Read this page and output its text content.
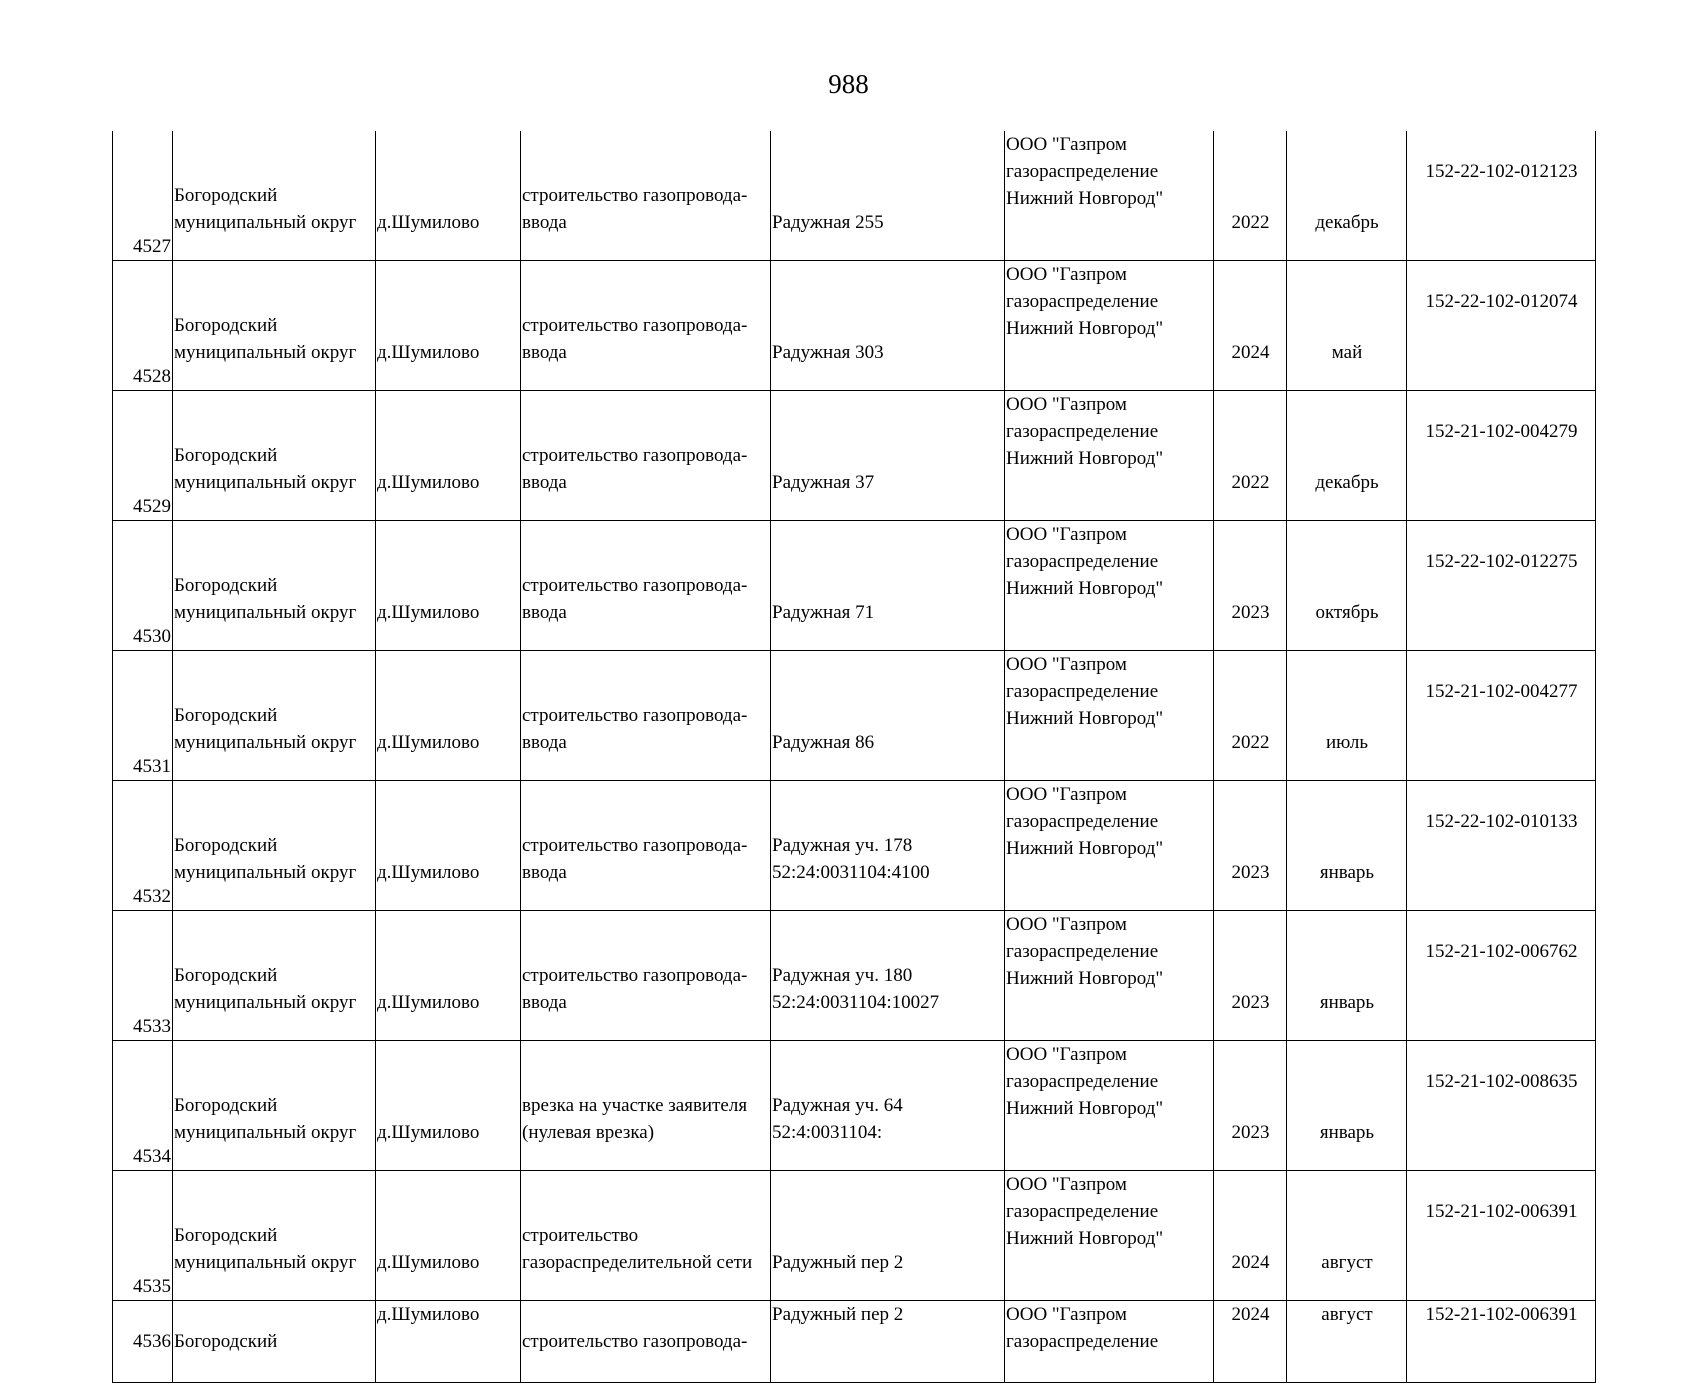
988
4527	Богородский
муниципальный округ	д.Шумилово	строительство газопровода-
ввода	Радужная 255	ООО "Газпром
газораспределение
Нижний Новгород"	2022	декабрь	152-22-102-012123
4528	Богородский
муниципальный округ	д.Шумилово	строительство газопровода-
ввода	Радужная 303	ООО "Газпром
газораспределение
Нижний Новгород"	2024	май	152-22-102-012074
4529	Богородский
муниципальный округ	д.Шумилово	строительство газопровода-
ввода	Радужная 37	ООО "Газпром
газораспределение
Нижний Новгород"	2022	декабрь	152-21-102-004279
4530	Богородский
муниципальный округ	д.Шумилово	строительство газопровода-
ввода	Радужная 71	ООО "Газпром
газораспределение
Нижний Новгород"	2023	октябрь	152-22-102-012275
4531	Богородский
муниципальный округ	д.Шумилово	строительство газопровода-
ввода	Радужная 86	ООО "Газпром
газораспределение
Нижний Новгород"	2022	июль	152-21-102-004277
4532	Богородский
муниципальный округ	д.Шумилово	строительство газопровода-
ввода	Радужная уч. 178
52:24:0031104:4100	ООО "Газпром
газораспределение
Нижний Новгород"	2023	январь	152-22-102-010133
4533	Богородский
муниципальный округ	д.Шумилово	строительство газопровода-
ввода	Радужная уч. 180
52:24:0031104:10027	ООО "Газпром
газораспределение
Нижний Новгород"	2023	январь	152-21-102-006762
4534	Богородский
муниципальный округ	д.Шумилово	врезка на участке заявителя
(нулевая врезка)	Радужная уч. 64
52:4:0031104:	ООО "Газпром
газораспределение
Нижний Новгород"	2023	январь	152-21-102-008635
4535	Богородский
муниципальный округ	д.Шумилово	строительство
газораспределительной сети	Радужный пер 2	ООО "Газпром
газораспределение
Нижний Новгород"	2024	август	152-21-102-006391
4536	Богородский	д.Шумилово	строительство газопровода-	Радужный пер 2	ООО "Газпром
газораспределение	2024	август	152-21-102-006391
